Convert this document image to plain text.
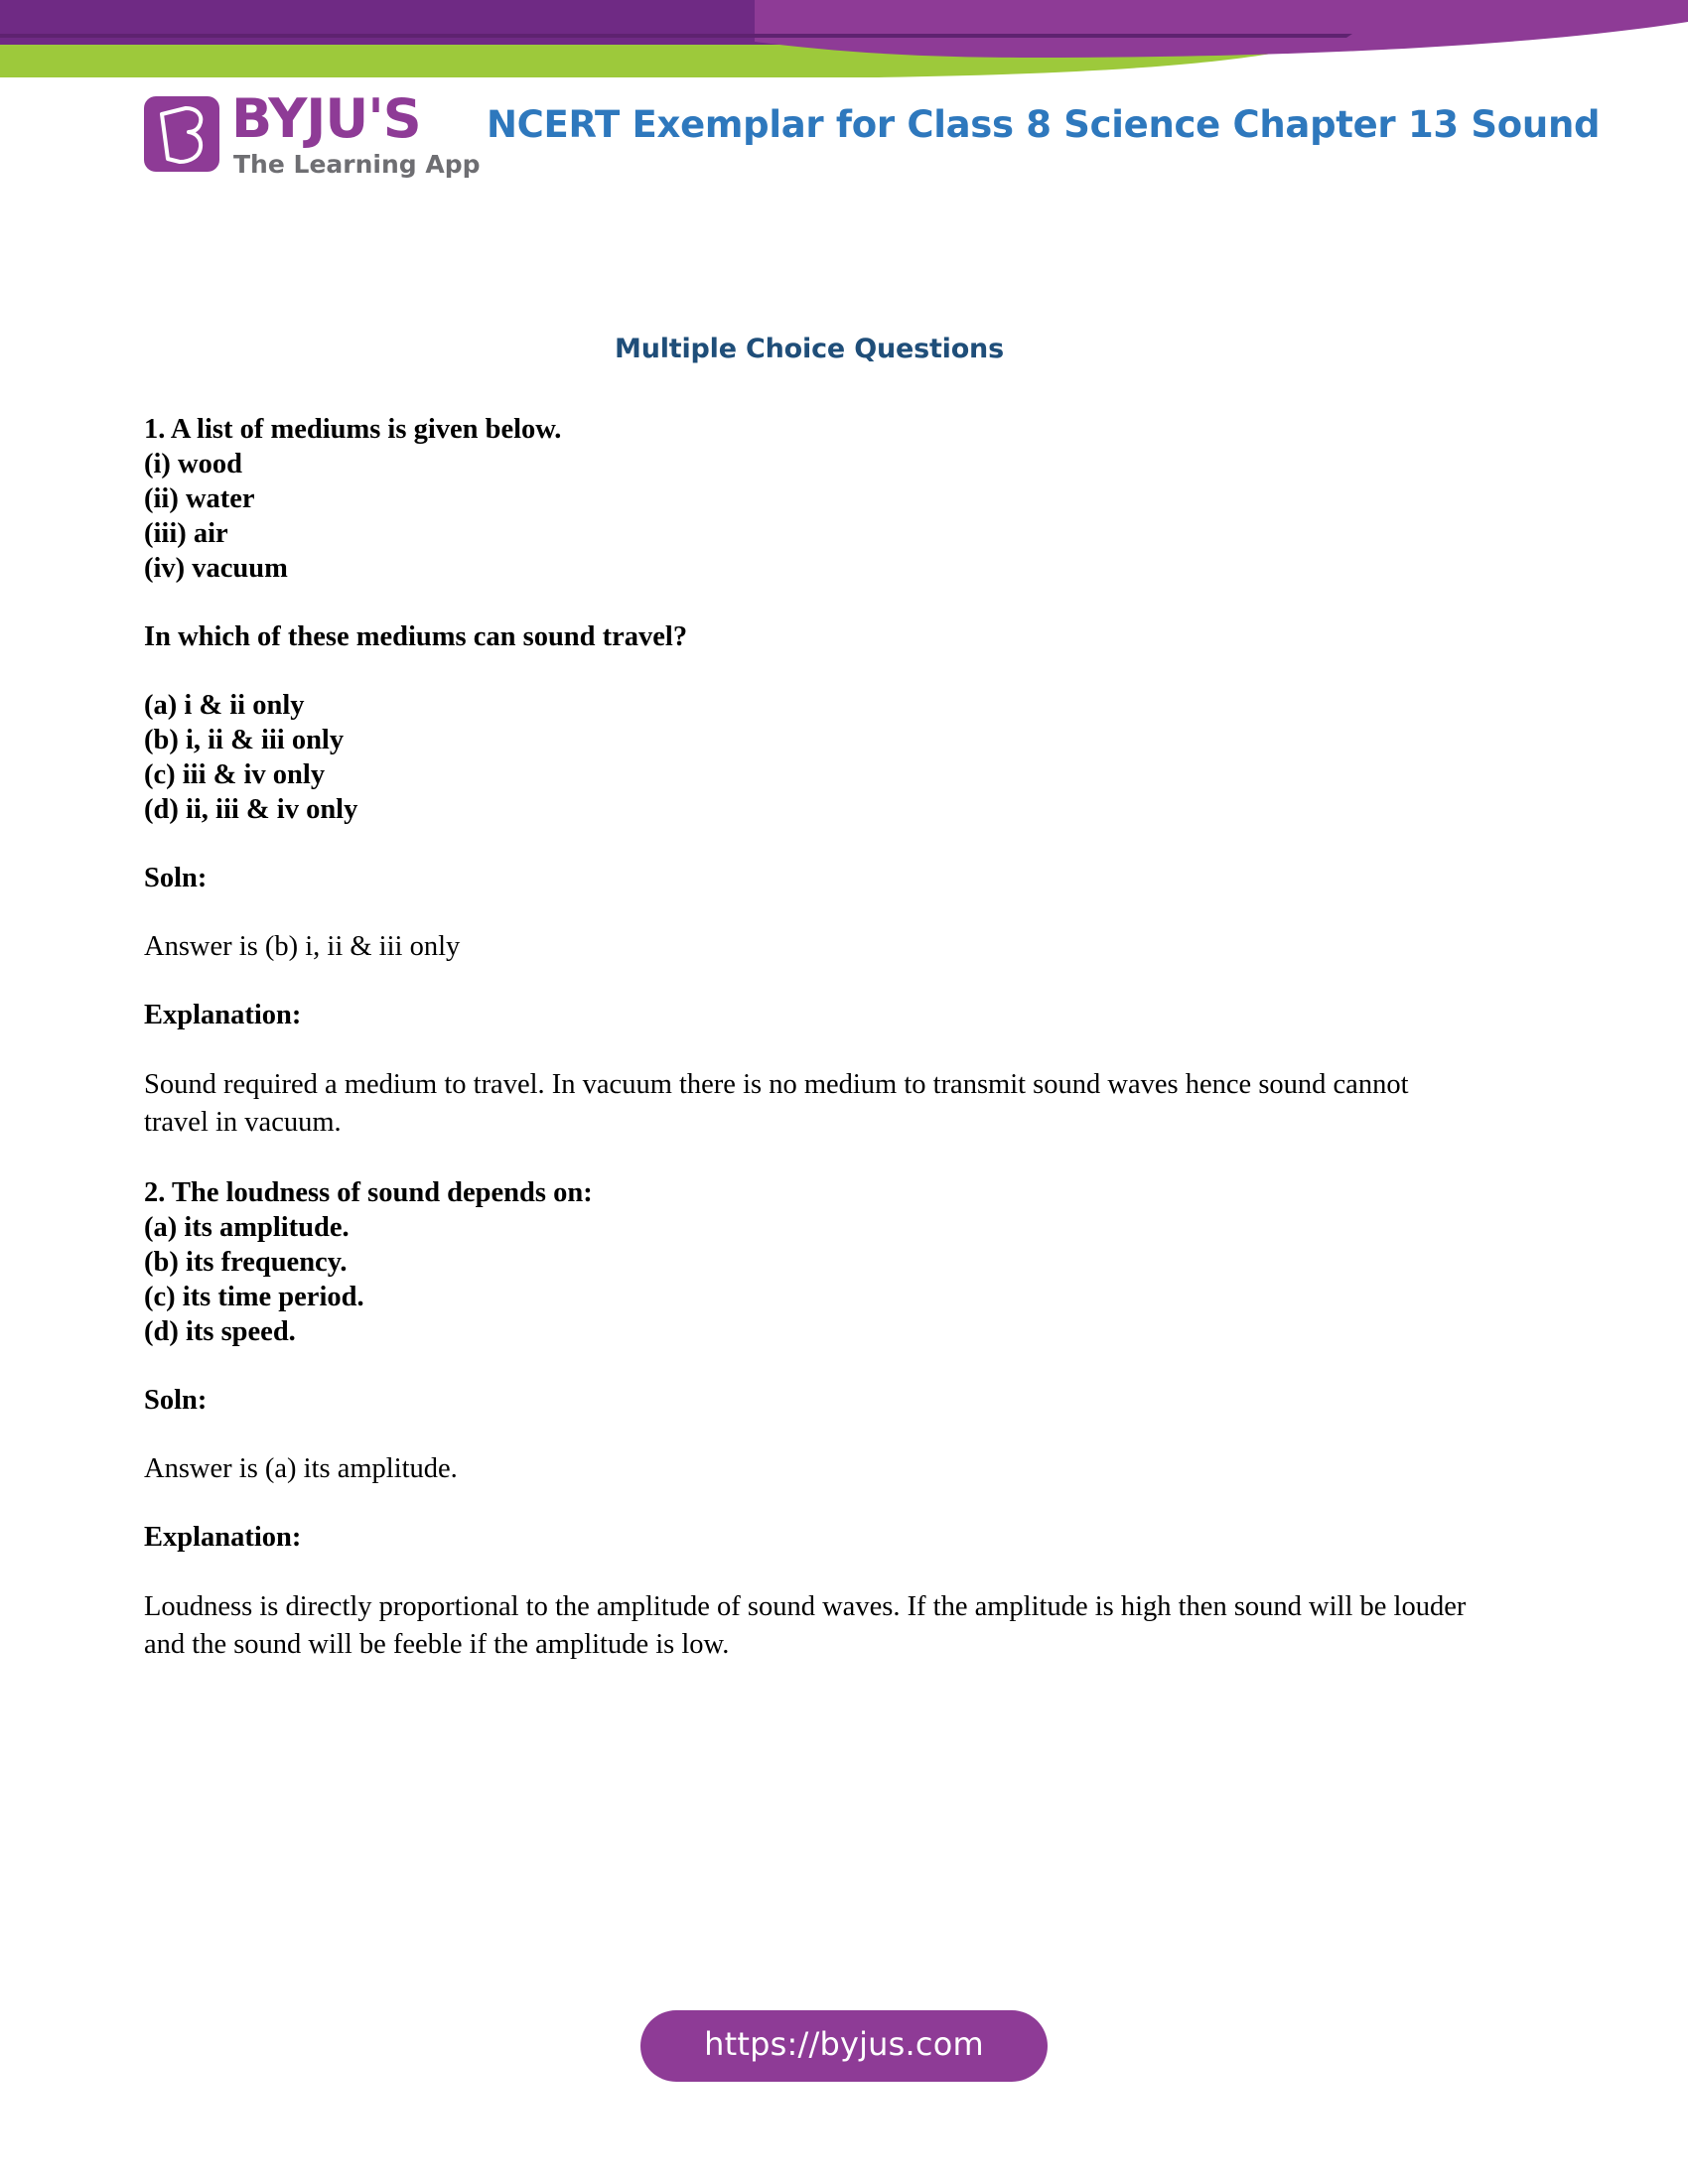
BYJU'S
The Learning App
NCERT Exemplar for Class 8 Science Chapter 13 Sound
Multiple Choice Questions

1. A list of mediums is given below.

(i) wood

(ii) water

(iii) air

(iv) vacuum

In which of these mediums can sound travel?

(a) i & ii only

(b) i, ii & iii only

(c) iii & iv only

(d) ii, iii & iv only

Soln:

Answer is (b) i, ii & iii only

Explanation:

Sound required a medium to travel. In vacuum there is no medium to transmit sound waves hence sound cannot travel in vacuum.

2. The loudness of sound depends on:

(a) its amplitude.

(b) its frequency.

(c) its time period.

(d) its speed.

Soln:

Answer is (a) its amplitude.

Explanation:

Loudness is directly proportional to the amplitude of sound waves. If the amplitude is high then sound will be louder and the sound will be feeble if the amplitude is low.

https://byjus.com
